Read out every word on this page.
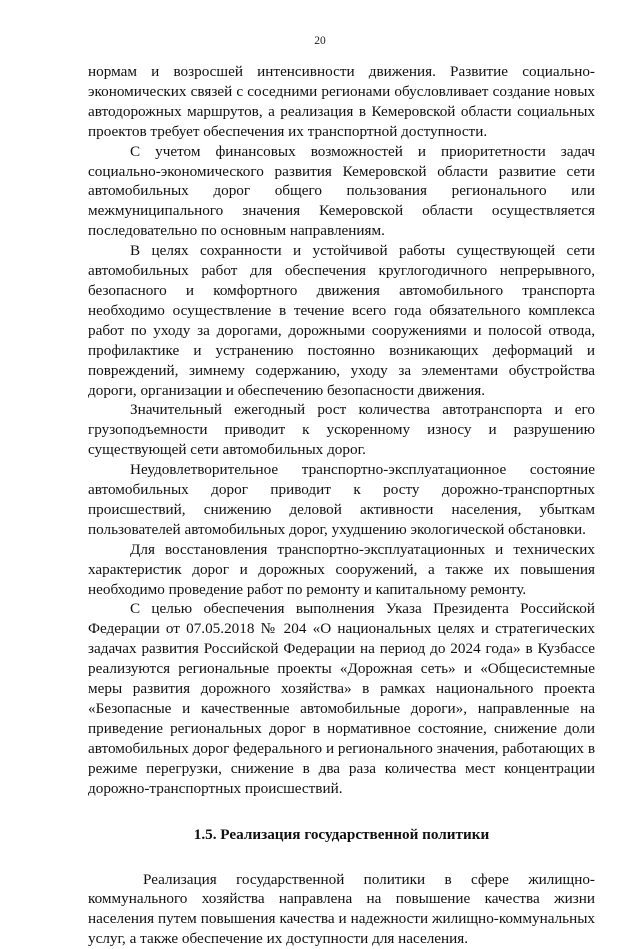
20

нормам и возросшей интенсивности движения. Развитие социально-экономических связей с соседними регионами обусловливает создание новых автодорожных маршрутов, а реализация в Кемеровской области социальных проектов требует обеспечения их транспортной доступности.

С учетом финансовых возможностей и приоритетности задач социально-экономического развития Кемеровской области развитие сети автомобильных дорог общего пользования регионального или межмуниципального значения Кемеровской области осуществляется последовательно по основным направлениям.

В целях сохранности и устойчивой работы существующей сети автомобильных работ для обеспечения круглогодичного непрерывного, безопасного и комфортного движения автомобильного транспорта необходимо осуществление в течение всего года обязательного комплекса работ по уходу за дорогами, дорожными сооружениями и полосой отвода, профилактике и устранению постоянно возникающих деформаций и повреждений, зимнему содержанию, уходу за элементами обустройства дороги, организации и обеспечению безопасности движения.

Значительный ежегодный рост количества автотранспорта и его грузоподъемности приводит к ускоренному износу и разрушению существующей сети автомобильных дорог.

Неудовлетворительное транспортно-эксплуатационное состояние автомобильных дорог приводит к росту дорожно-транспортных происшествий, снижению деловой активности населения, убыткам пользователей автомобильных дорог, ухудшению экологической обстановки.

Для восстановления транспортно-эксплуатационных и технических характеристик дорог и дорожных сооружений, а также их повышения необходимо проведение работ по ремонту и капитальному ремонту.

С целью обеспечения выполнения Указа Президента Российской Федерации от 07.05.2018 № 204 «О национальных целях и стратегических задачах развития Российской Федерации на период до 2024 года» в Кузбассе реализуются региональные проекты «Дорожная сеть» и «Общесистемные меры развития дорожного хозяйства» в рамках национального проекта «Безопасные и качественные автомобильные дороги», направленные на приведение региональных дорог в нормативное состояние, снижение доли автомобильных дорог федерального и регионального значения, работающих в режиме перегрузки, снижение в два раза количества мест концентрации дорожно-транспортных происшествий.

1.5. Реализация государственной политики

Реализация государственной политики в сфере жилищно-коммунального хозяйства направлена на повышение качества жизни населения путем повышения качества и надежности жилищно-коммунальных услуг, а также обеспечение их доступности для населения.
